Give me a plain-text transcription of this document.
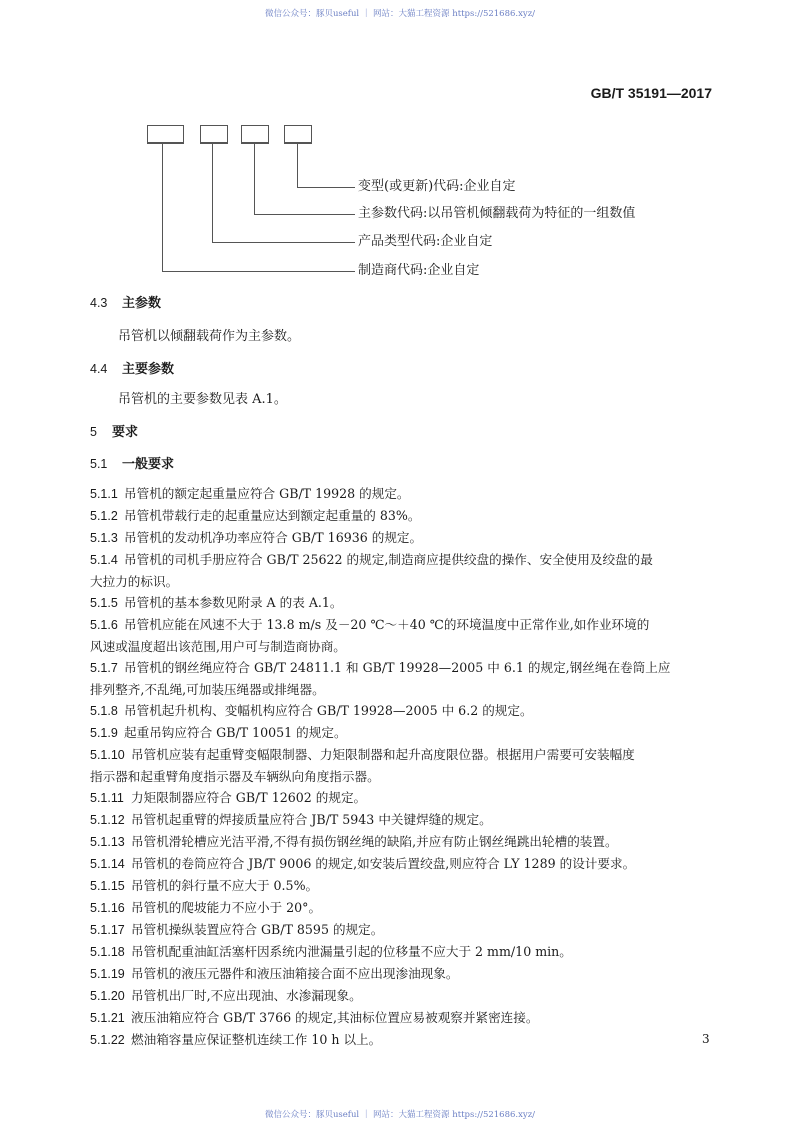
微信公众号：豚贝useful ｜ 网站：大猫工程资源 https://521686.xyz/
GB/T 35191—2017
变型(或更新)代码:企业自定
主参数代码:以吊管机倾翻载荷为特征的一组数值
产品类型代码:企业自定
制造商代码:企业自定
4.3 主参数
吊管机以倾翻载荷作为主参数。
4.4 主要参数
吊管机的主要参数见表 A.1。
5 要求
5.1 一般要求
5.1.1 吊管机的额定起重量应符合 GB/T 19928 的规定。
5.1.2 吊管机带载行走的起重量应达到额定起重量的 83%。
5.1.3 吊管机的发动机净功率应符合 GB/T 16936 的规定。
5.1.4 吊管机的司机手册应符合 GB/T 25622 的规定,制造商应提供绞盘的操作、安全使用及绞盘的最
大拉力的标识。
5.1.5 吊管机的基本参数见附录 A 的表 A.1。
5.1.6 吊管机应能在风速不大于 13.8 m/s 及－20 ℃～＋40 ℃的环境温度中正常作业,如作业环境的
风速或温度超出该范围,用户可与制造商协商。
5.1.7 吊管机的钢丝绳应符合 GB/T 24811.1 和 GB/T 19928—2005 中 6.1 的规定,钢丝绳在卷筒上应
排列整齐,不乱绳,可加装压绳器或排绳器。
5.1.8 吊管机起升机构、变幅机构应符合 GB/T 19928—2005 中 6.2 的规定。
5.1.9 起重吊钩应符合 GB/T 10051 的规定。
5.1.10 吊管机应装有起重臂变幅限制器、力矩限制器和起升高度限位器。根据用户需要可安装幅度
指示器和起重臂角度指示器及车辆纵向角度指示器。
5.1.11 力矩限制器应符合 GB/T 12602 的规定。
5.1.12 吊管机起重臂的焊接质量应符合 JB/T 5943 中关键焊缝的规定。
5.1.13 吊管机滑轮槽应光洁平滑,不得有损伤钢丝绳的缺陷,并应有防止钢丝绳跳出轮槽的装置。
5.1.14 吊管机的卷筒应符合 JB/T 9006 的规定,如安装后置绞盘,则应符合 LY 1289 的设计要求。
5.1.15 吊管机的斜行量不应大于 0.5%。
5.1.16 吊管机的爬坡能力不应小于 20°。
5.1.17 吊管机操纵装置应符合 GB/T 8595 的规定。
5.1.18 吊管机配重油缸活塞杆因系统内泄漏量引起的位移量不应大于 2 mm/10 min。
5.1.19 吊管机的液压元器件和液压油箱接合面不应出现渗油现象。
5.1.20 吊管机出厂时,不应出现油、水渗漏现象。
5.1.21 液压油箱应符合 GB/T 3766 的规定,其油标位置应易被观察并紧密连接。
5.1.22 燃油箱容量应保证整机连续工作 10 h 以上。	3
微信公众号：豚贝useful ｜ 网站：大猫工程资源 https://521686.xyz/
